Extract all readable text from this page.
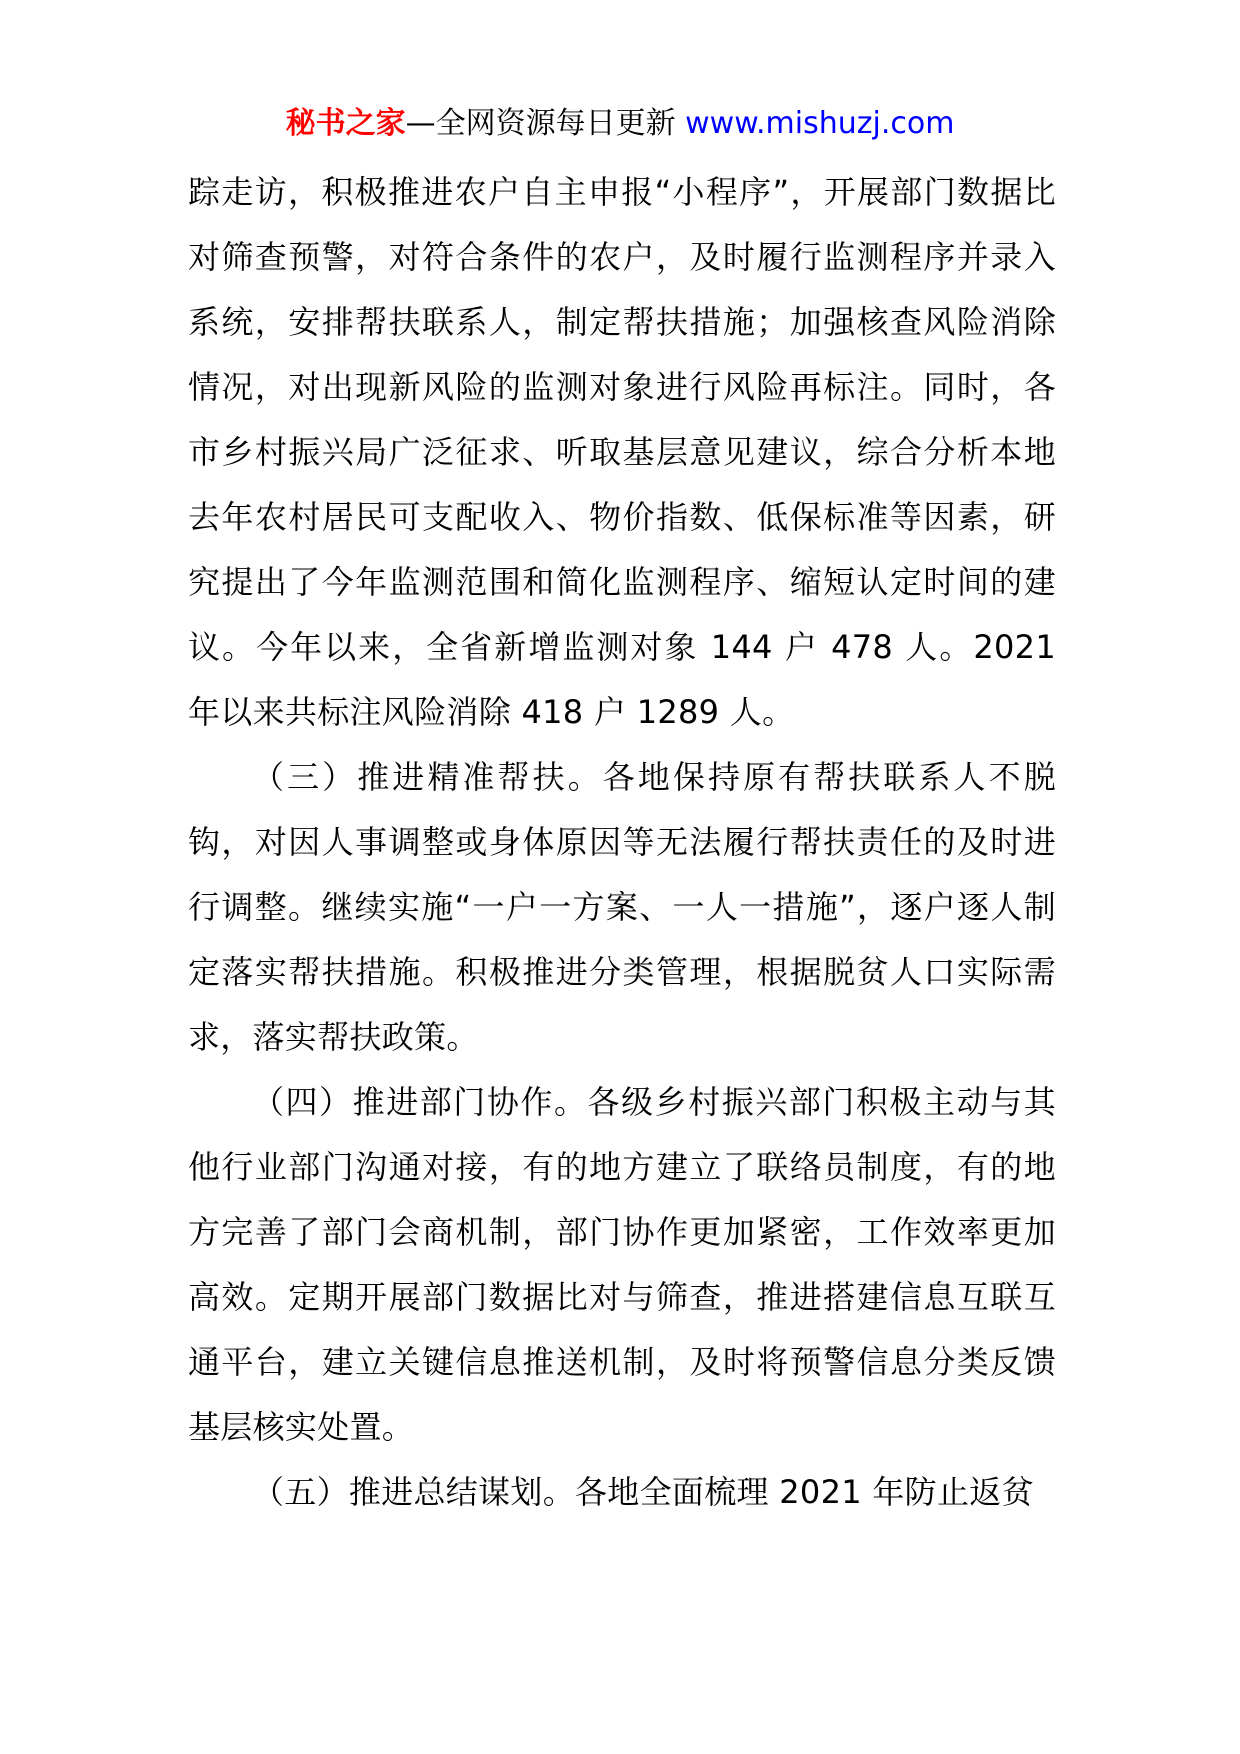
秘书之家—全网资源每日更新 www.mishuzj.com

踪走访，积极推进农户自主申报“小程序”，开展部门数据比对筛查预警，对符合条件的农户，及时履行监测程序并录入系统，安排帮扶联系人，制定帮扶措施；加强核查风险消除情况，对出现新风险的监测对象进行风险再标注。同时，各市乡村振兴局广泛征求、听取基层意见建议，综合分析本地去年农村居民可支配收入、物价指数、低保标准等因素，研究提出了今年监测范围和简化监测程序、缩短认定时间的建议。今年以来，全省新增监测对象 144 户 478 人。2021 年以来共标注风险消除 418 户 1289 人。

（三）推进精准帮扶。各地保持原有帮扶联系人不脱钩，对因人事调整或身体原因等无法履行帮扶责任的及时进行调整。继续实施“一户一方案、一人一措施”，逐户逐人制定落实帮扶措施。积极推进分类管理，根据脱贫人口实际需求，落实帮扶政策。

（四）推进部门协作。各级乡村振兴部门积极主动与其他行业部门沟通对接，有的地方建立了联络员制度，有的地方完善了部门会商机制，部门协作更加紧密，工作效率更加高效。定期开展部门数据比对与筛查，推进搭建信息互联互通平台，建立关键信息推送机制，及时将预警信息分类反馈基层核实处置。

（五）推进总结谋划。各地全面梳理 2021 年防止返贫
